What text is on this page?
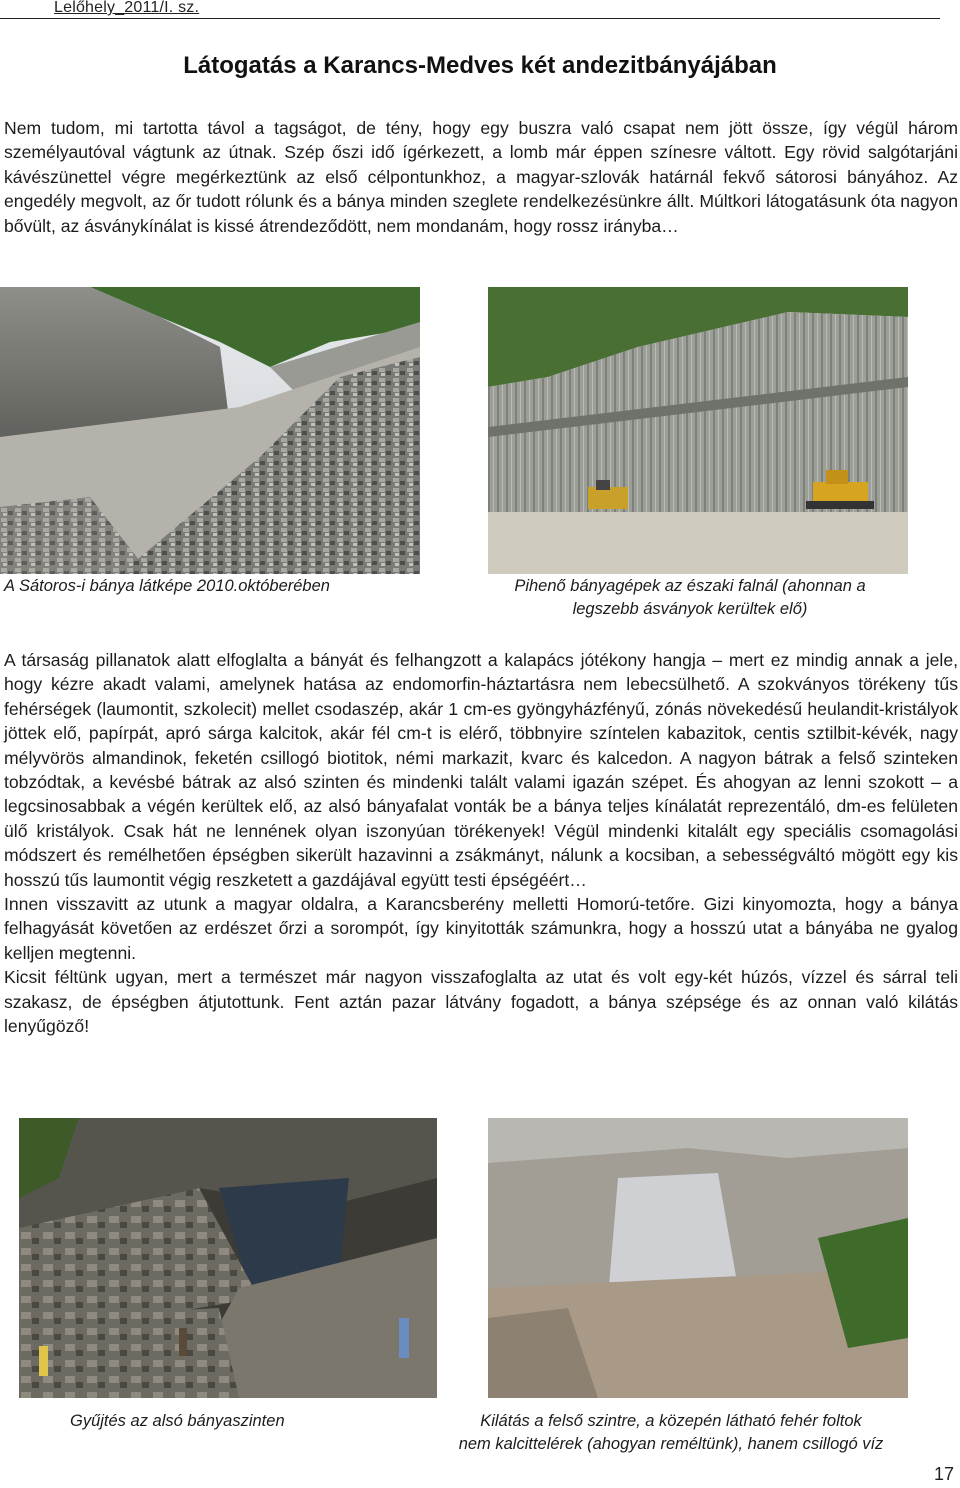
Lelőhely_2011/I. sz.
Látogatás a Karancs-Medves két andezitbányájában

Nem tudom, mi tartotta távol a tagságot, de tény, hogy egy buszra való csapat nem jött össze, így végül három személyautóval vágtunk az útnak. Szép őszi idő ígérkezett, a lomb már éppen színesre váltott. Egy rövid salgótarjáni kávészünettel végre megérkeztünk az első célpontunkhoz, a magyar-szlovák határnál fekvő sátorosi bányához. Az engedély megvolt, az őr tudott rólunk és a bánya minden szeglete rendelkezésünkre állt. Múltkori látogatásunk óta nagyon bővült, az ásványkínálat is kissé átrendeződött, nem mondanám, hogy rossz irányba…

A Sátoros-i bánya látképe 2010.októberében	Pihenő bányagépek az északi falnál (ahonnan a
legszebb ásványok kerültek elő)

A társaság pillanatok alatt elfoglalta a bányát és felhangzott a kalapács jótékony hangja – mert ez mindig annak a jele, hogy kézre akadt valami, amelynek hatása az endomorfin-háztartásra nem lebecsülhető. A szokványos törékeny tűs fehérségek (laumontit, szkolecit) mellet csodaszép, akár 1 cm-es gyöngyházfényű, zónás növekedésű heulandit-kristályok jöttek elő, papírpát, apró sárga kalcitok, akár fél cm-t is elérő, többnyire színtelen kabazitok, centis sztilbit-kévék, nagy mélyvörös almandinok, feketén csillogó biotitok, némi markazit, kvarc és kalcedon. A nagyon bátrak a felső szinteken tobzódtak, a kevésbé bátrak az alsó szinten és mindenki talált valami igazán szépet. És ahogyan az lenni szokott – a legcsinosabbak a végén kerültek elő, az alsó bányafalat vonták be a bánya teljes kínálatát reprezentáló, dm-es felületen ülő kristályok. Csak hát ne lennének olyan iszonyúan törékenyek! Végül mindenki kitalált egy speciális csomagolási módszert és remélhetően épségben sikerült hazavinni a zsákmányt, nálunk a kocsiban, a sebességváltó mögött egy kis hosszú tűs laumontit végig reszketett a gazdájával együtt testi épségéért…
Innen visszavitt az utunk a magyar oldalra, a Karancsberény melletti Homorú-tetőre. Gizi kinyomozta, hogy a bánya felhagyását követően az erdészet őrzi a sorompót, így kinyitották számunkra, hogy a hosszú utat a bányába ne gyalog kelljen megtenni.
Kicsit féltünk ugyan, mert a természet már nagyon visszafoglalta az utat és volt egy-két húzós, vízzel és sárral teli szakasz, de épségben átjutottunk. Fent aztán pazar látvány fogadott, a bánya szépsége és az onnan való kilátás lenyűgöző!

Gyűjtés az alsó bányaszinten	Kilátás a felső szintre, a közepén látható fehér foltok
nem kalcittelérek (ahogyan reméltünk), hanem csillogó víz
17
